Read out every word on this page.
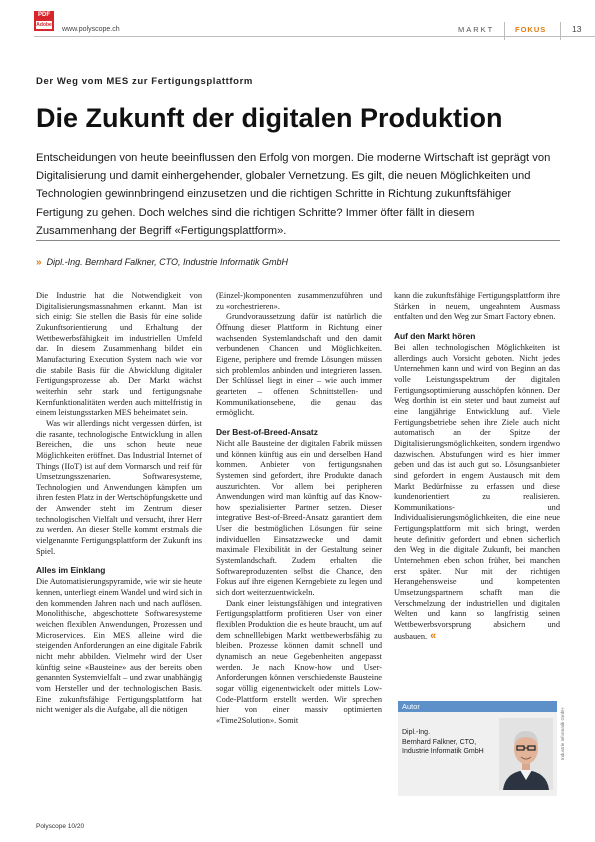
PDF
Adobe
www.polyscope.ch	MARKT	FOKUS	13
Der Weg vom MES zur Fertigungsplattform
Die Zukunft der digitalen Produktion
Entscheidungen von heute beeinflussen den Erfolg von morgen. Die moderne Wirtschaft ist geprägt von Digitalisierung und damit einhergehender, globaler Vernetzung. Es gilt, die neuen Möglichkeiten und Technologien gewinnbringend einzusetzen und die richtigen Schritte in Richtung zukunftsfähiger Fertigung zu gehen. Doch welches sind die richtigen Schritte? Immer öfter fällt in diesem Zusammenhang der Begriff «Fertigungsplattform».
» Dipl.-Ing. Bernhard Falkner, CTO, Industrie Informatik GmbH

Die Industrie hat die Notwendigkeit von Digitalisierungsmassnahmen erkannt. Man ist sich einig: Sie stellen die Basis für eine solide Zukunftsorientierung und Erhaltung der Wettbewerbsfähigkeit im industriellen Umfeld dar. In diesem Zusammenhang bildet ein Manufacturing Execution System nach wie vor die stabile Basis für die Abwicklung digitaler Fertigungsprozesse ab. Der Markt wächst weiterhin sehr stark und fertigungsnahe Kernfunktionalitäten werden auch mittelfristig in einem leistungsstarken MES beheimatet sein.

Was wir allerdings nicht vergessen dürfen, ist die rasante, technologische Entwicklung in allen Bereichen, die uns schon heute neue Möglichkeiten eröffnet. Das Industrial Internet of Things (IIoT) ist auf dem Vormarsch und reif für Umsetzungsszenarien. Softwaresysteme, Technologien und Anwendungen kämpfen um ihren festen Platz in der Wertschöpfungskette und der Anwender steht im Zentrum dieser technologischen Vielfalt und versucht, ihrer Herr zu werden. An dieser Stelle kommt erstmals die vielgenannte Fertigungsplattform der Zukunft ins Spiel.

Alles im Einklang

Die Automatisierungspyramide, wie wir sie heute kennen, unterliegt einem Wandel und wird sich in den kommenden Jahren nach und nach auflösen. Monolithische, abgeschottete Softwaresysteme weichen flexiblen Anwendungen, Prozessen und Microservices. Ein MES alleine wird die steigenden Anforderungen an eine digitale Fabrik nicht mehr abbilden. Vielmehr wird der User künftig seine «Bausteine» aus der bereits oben genannten Systemvielfalt – und zwar unabhängig vom Hersteller und der technologischen Basis. Eine zukunftsfähige Fertigungsplattform hat nicht weniger als die Aufgabe, all die nötigen

(Einzel-)komponenten zusammenzuführen und zu «orchestrieren».

Grundvoraussetzung dafür ist natürlich die Öffnung dieser Plattform in Richtung einer wachsenden Systemlandschaft und den damit verbundenen Chancen und Möglichkeiten. Eigene, periphere und fremde Lösungen müssen sich problemlos anbinden und integrieren lassen. Der Schlüssel liegt in einer – wie auch immer gearteten – offenen Schnittstellen- und Kommunikationsebene, die genau das ermöglicht.

Der Best-of-Breed-Ansatz

Nicht alle Bausteine der digitalen Fabrik müssen und können künftig aus ein und derselben Hand kommen. Anbieter von fertigungsnahen Systemen sind gefordert, ihre Produkte danach auszurichten. Vor allem bei peripheren Anwendungen wird man künftig auf das Know-how spezialisierter Partner setzen. Dieser integrative Best-of-Breed-Ansatz garantiert dem User die bestmöglichen Lösungen für seine individuellen Einsatzzwecke und damit maximale Flexibilität in der Gestaltung seiner Systemlandschaft. Zudem erhalten die Softwareproduzenten selbst die Chance, den Fokus auf ihre eigenen Kerngebiete zu legen und sich dort weiterzuentwickeln.

Dank einer leistungsfähigen und integrativen Fertigungsplattform profitieren User von einer flexiblen Produktion die es heute braucht, um auf dem schnelllebigen Markt wettbewerbsfähig zu bleiben. Prozesse können damit schnell und dynamisch an neue Gegebenheiten angepasst werden. Je nach Know-how und User-Anforderungen können verschiedenste Bausteine sogar völlig eigenentwickelt oder mittels Low-Code-Plattform erstellt werden. Wir sprechen hier von einer massiv optimierten «Time2Solution». Somit

kann die zukunftsfähige Fertigungsplattform ihre Stärken in neuem, ungeahntem Ausmass entfalten und den Weg zur Smart Factory ebnen.

Auf den Markt hören

Bei allen technologischen Möglichkeiten ist allerdings auch Vorsicht geboten. Nicht jedes Unternehmen kann und wird von Beginn an das volle Leistungsspektrum der digitalen Fertigungsoptimierung ausschöpfen können. Der Weg dorthin ist ein steter und baut zumeist auf eine langjährige Entwicklung auf. Viele Fertigungsbetriebe sehen ihre Ziele auch nicht automatisch an der Spitze der Digitalisierungsmöglichkeiten, sondern irgendwo dazwischen. Abstufungen wird es hier immer geben und das ist auch gut so. Lösungsanbieter sind gefordert in engem Austausch mit dem Markt Bedürfnisse zu erfassen und diese kundenorientiert zu realisieren. Kommunikations- und Individualisierungsmöglichkeiten, die eine neue Fertigungsplattform mit sich bringt, werden heute definitiv gefordert und ebnen sicherlich den Weg in die digitale Zukunft, bei manchen Unternehmen eben schon früher, bei manchen erst später. Nur mit der richtigen Herangehensweise und kompetenten Umsetzungspartnern schafft man die Verschmelzung der industriellen und digitalen Welten und kann so langfristig seinen Wettbewerbsvorsprung absichern und ausbauen. «

Autor
Dipl.-Ing.
Bernhard Falkner, CTO,
Industrie Informatik GmbH	Industrie Informatik GmbH
Polyscope 10/20
